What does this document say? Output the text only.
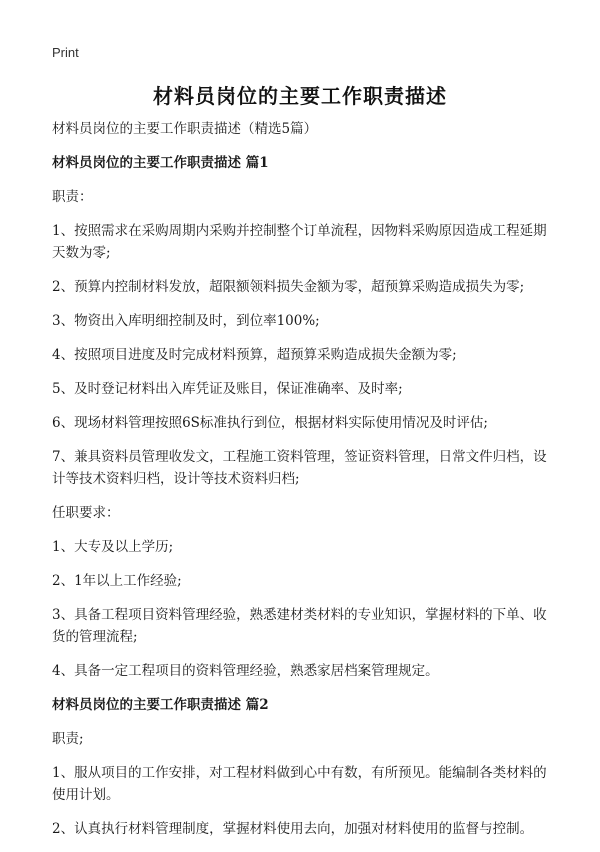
Print
材料员岗位的主要工作职责描述

材料员岗位的主要工作职责描述（精选5篇）

材料员岗位的主要工作职责描述 篇1

职责：

1、按照需求在采购周期内采购并控制整个订单流程，因物料采购原因造成工程延期天数为零;

2、预算内控制材料发放，超限额领料损失金额为零，超预算采购造成损失为零;

3、物资出入库明细控制及时，到位率100%;

4、按照项目进度及时完成材料预算，超预算采购造成损失金额为零;

5、及时登记材料出入库凭证及账目，保证准确率、及时率;

6、现场材料管理按照6S标准执行到位，根据材料实际使用情况及时评估;

7、兼具资料员管理收发文，工程施工资料管理，签证资料管理，日常文件归档，设计等技术资料归档，设计等技术资料归档;

任职要求：

1、大专及以上学历;

2、1年以上工作经验;

3、具备工程项目资料管理经验，熟悉建材类材料的专业知识，掌握材料的下单、收货的管理流程;

4、具备一定工程项目的资料管理经验，熟悉家居档案管理规定。

材料员岗位的主要工作职责描述 篇2

职责;

1、服从项目的工作安排，对工程材料做到心中有数，有所预见。能编制各类材料的使用计划。

2、认真执行材料管理制度，掌握材料使用去向，加强对材料使用的监督与控制。
